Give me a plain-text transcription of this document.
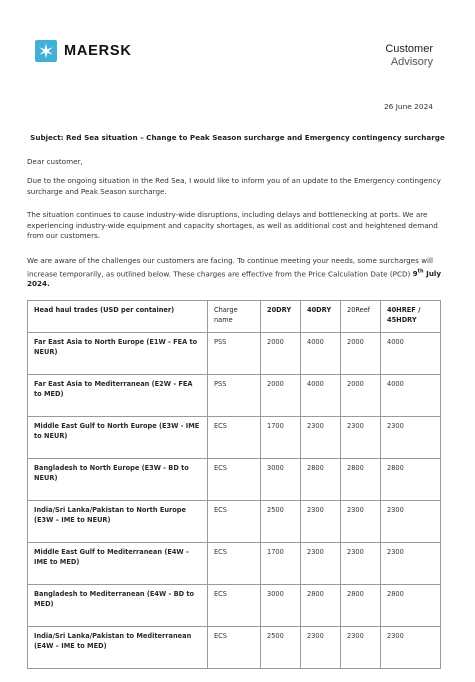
MAERSK	Customer
Advisory
26 June 2024
Subject: Red Sea situation – Change to Peak Season surcharge and Emergency contingency surcharge
Dear customer,
Due to the ongoing situation in the Red Sea, I would like to inform you of an update to the Emergency contingency surcharge and Peak Season surcharge.
The situation continues to cause industry-wide disruptions, including delays and bottlenecking at ports. We are experiencing industry-wide equipment and capacity shortages, as well as additional cost and heightened demand from our customers.
We are aware of the challenges our customers are facing. To continue meeting your needs, some surcharges will increase temporarily, as outlined below. These charges are effective from the Price Calculation Date (PCD) 9th July 2024.
Head haul trades (USD per container)	Charge name	20DRY	40DRY	20Reef	40HREF / 45HDRY
Far East Asia to North Europe (E1W - FEA to NEUR)	PSS	2000	4000	2000	4000
Far East Asia to Mediterranean (E2W - FEA to MED)	PSS	2000	4000	2000	4000
Middle East Gulf to North Europe (E3W - IME to NEUR)	ECS	1700	2300	2300	2300
Bangladesh to North Europe (E3W - BD to NEUR)	ECS	3000	2800	2800	2800
India/Sri Lanka/Pakistan to North Europe (E3W – IME to NEUR)	ECS	2500	2300	2300	2300
Middle East Gulf to Mediterranean (E4W - IME to MED)	ECS	1700	2300	2300	2300
Bangladesh to Mediterranean (E4W - BD to MED)	ECS	3000	2800	2800	2800
India/Sri Lanka/Pakistan to Mediterranean (E4W – IME to MED)	ECS	2500	2300	2300	2300
